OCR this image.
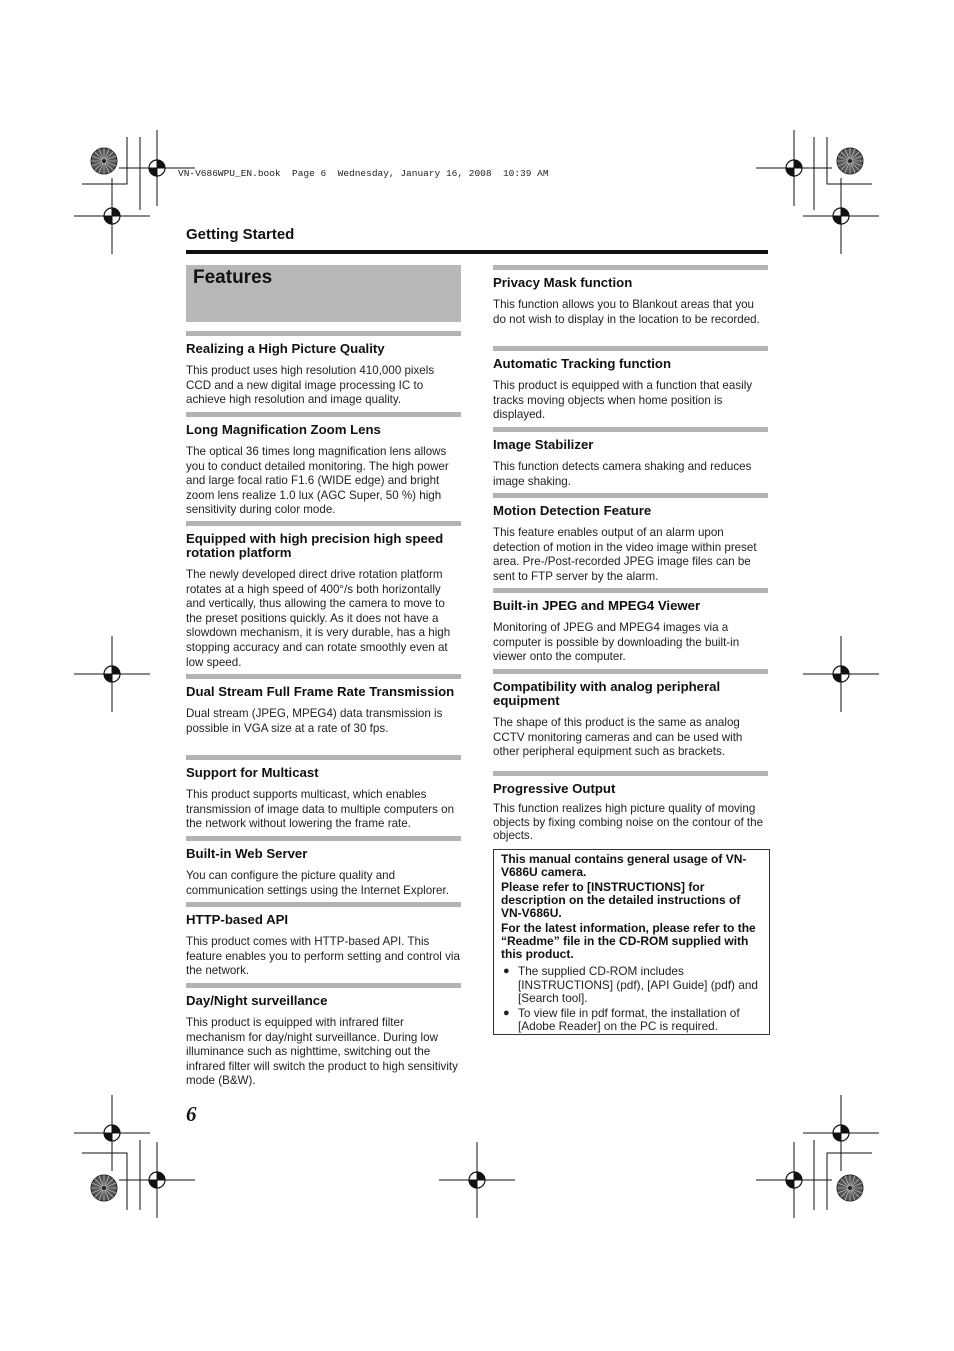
VN-V686WPU_EN.book  Page 6  Wednesday, January 16, 2008  10:39 AM
Getting Started
Features
Realizing a High Picture Quality

This product uses high resolution 410,000 pixels CCD and a new digital image processing IC to achieve high resolution and image quality.

Long Magnification Zoom Lens

The optical 36 times long magnification lens allows you to conduct detailed monitoring. The high power and large focal ratio F1.6 (WIDE edge) and bright zoom lens realize 1.0 lux (AGC Super, 50 %) high sensitivity during color mode.

Equipped with high precision high speed rotation platform

The newly developed direct drive rotation platform rotates at a high speed of 400°/s both horizontally and vertically, thus allowing the camera to move to the preset positions quickly. As it does not have a slowdown mechanism, it is very durable, has a high stopping accuracy and can rotate smoothly even at low speed.

Dual Stream Full Frame Rate Transmission

Dual stream (JPEG, MPEG4) data transmission is possible in VGA size at a rate of 30 fps.

Support for Multicast

This product supports multicast, which enables transmission of image data to multiple computers on the network without lowering the frame rate.

Built-in Web Server

You can configure the picture quality and communication settings using the Internet Explorer.

HTTP-based API

This product comes with HTTP-based API. This feature enables you to perform setting and control via the network.

Day/Night surveillance

This product is equipped with infrared filter mechanism for day/night surveillance. During low illuminance such as nighttime, switching out the infrared filter will switch the product to high sensitivity mode (B&W).

Privacy Mask function

This function allows you to Blankout areas that you do not wish to display in the location to be recorded.

Automatic Tracking function

This product is equipped with a function that easily tracks moving objects when home position is displayed.

Image Stabilizer

This function detects camera shaking and reduces image shaking.

Motion Detection Feature

This feature enables output of an alarm upon detection of motion in the video image within preset area. Pre-/Post-recorded JPEG image files can be sent to FTP server by the alarm.

Built-in JPEG and MPEG4 Viewer

Monitoring of JPEG and MPEG4 images via a computer is possible by downloading the built-in viewer onto the computer.

Compatibility with analog peripheral equipment

The shape of this product is the same as analog CCTV monitoring cameras and can be used with other peripheral equipment such as brackets.

Progressive Output

This function realizes high picture quality of moving objects by fixing combing noise on the contour of the objects.

This manual contains general usage of VN-V686U camera.

Please refer to [INSTRUCTIONS] for description on the detailed instructions of VN-V686U.

For the latest information, please refer to the “Readme” file in the CD-ROM supplied with this product.

● The supplied CD-ROM includes [INSTRUCTIONS] (pdf), [API Guide] (pdf) and [Search tool].
● To view file in pdf format, the installation of [Adobe Reader] on the PC is required.
6
